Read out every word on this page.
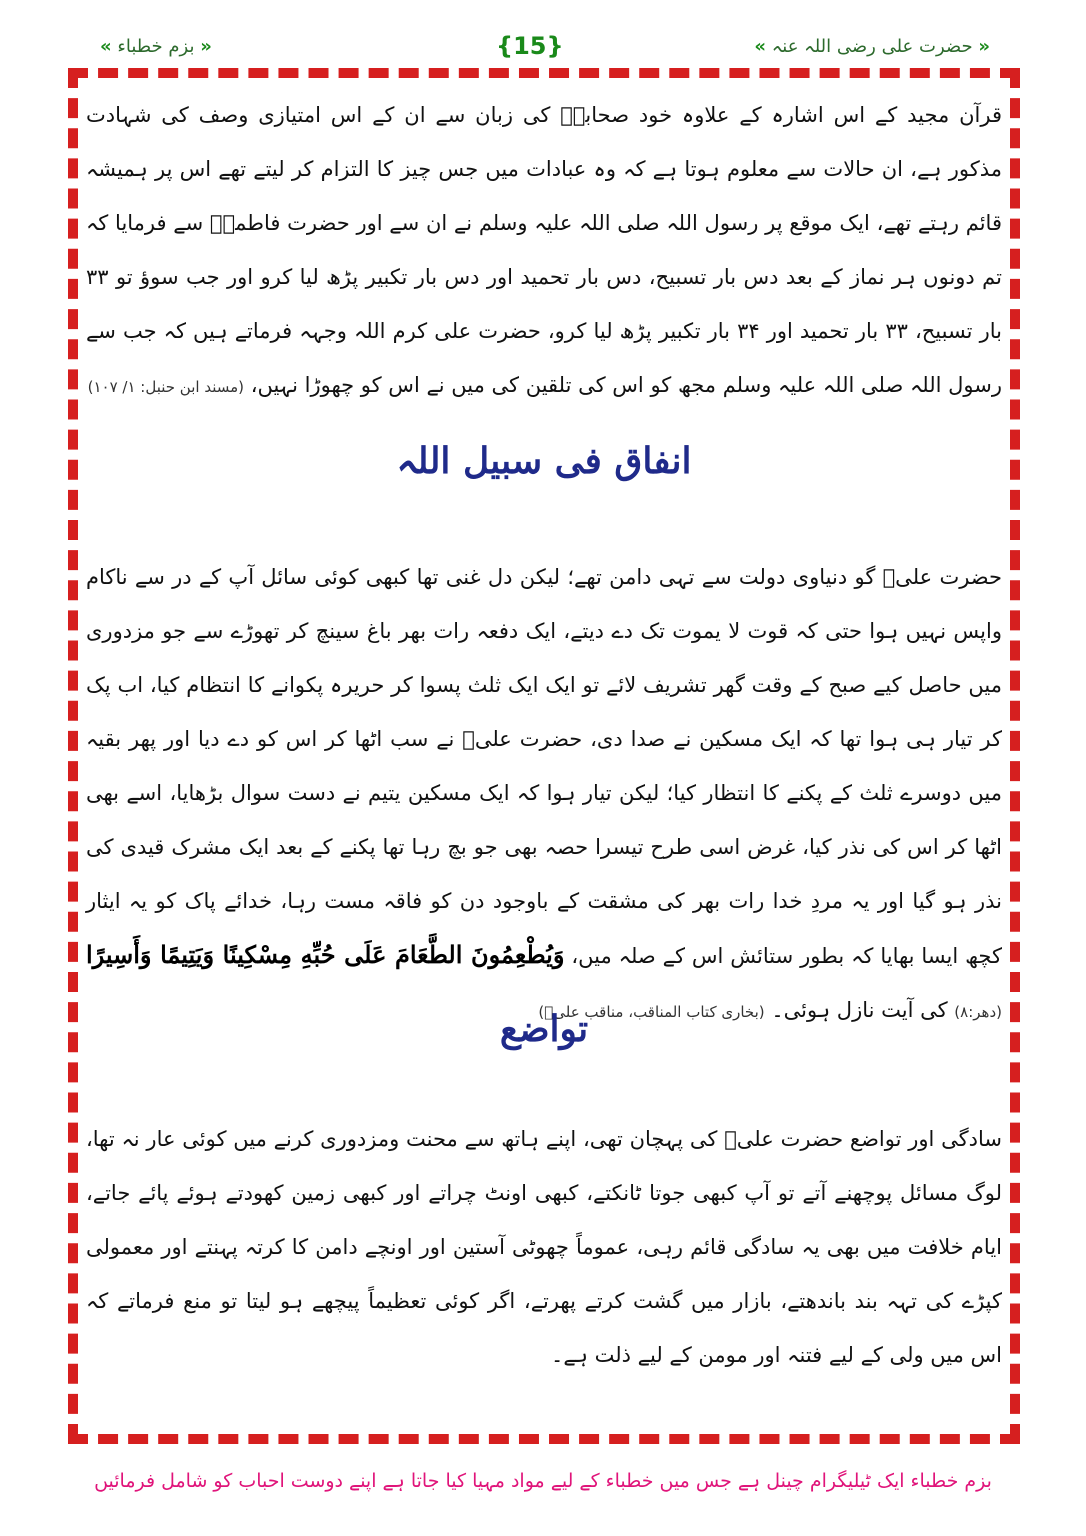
« بزم خطباء »	{15}	« حضرت علی رضی اللہ عنہ »

قرآن مجید کے اس اشارہ کے علاوہ خود صحابہؓ کی زبان سے ان کے اس امتیازی وصف کی شہادت مذکور ہے، ان حالات سے معلوم ہوتا ہے کہ وہ عبادات میں جس چیز کا التزام کر لیتے تھے اس پر ہمیشہ قائم رہتے تھے، ایک موقع پر رسول اللہ صلی اللہ علیہ وسلم نے ان سے اور حضرت فاطمہؓ سے فرمایا کہ تم دونوں ہر نماز کے بعد دس بار تسبیح، دس بار تحمید اور دس بار تکبیر پڑھ لیا کرو اور جب سوؤ تو ۳۳ بار تسبیح، ۳۳ بار تحمید اور ۳۴ بار تکبیر پڑھ لیا کرو، حضرت علی کرم اللہ وجہہ فرماتے ہیں کہ جب سے رسول اللہ صلی اللہ علیہ وسلم مجھ کو اس کی تلقین کی میں نے اس کو چھوڑا نہیں، (مسند ابن حنبل: ۱/ ۱۰۷)

انفاق فی سبیل اللہ

حضرت علیؓ گو دنیاوی دولت سے تہی دامن تھے؛ لیکن دل غنی تھا کبھی کوئی سائل آپ کے در سے ناکام واپس نہیں ہوا حتی کہ قوت لا یموت تک دے دیتے، ایک دفعہ رات بھر باغ سینچ کر تھوڑے سے جو مزدوری میں حاصل کیے صبح کے وقت گھر تشریف لائے تو ایک ایک ثلث پسوا کر حریرہ پکوانے کا انتظام کیا، اب پک کر تیار ہی ہوا تھا کہ ایک مسکین نے صدا دی، حضرت علیؓ نے سب اٹھا کر اس کو دے دیا اور پھر بقیہ میں دوسرے ثلث کے پکنے کا انتظار کیا؛ لیکن تیار ہوا کہ ایک مسکین یتیم نے دست سوال بڑھایا، اسے بھی اٹھا کر اس کی نذر کیا، غرض اسی طرح تیسرا حصہ بھی جو بچ رہا تھا پکنے کے بعد ایک مشرک قیدی کی نذر ہو گیا اور یہ مردِ خدا رات بھر کی مشقت کے باوجود دن کو فاقہ مست رہا، خدائے پاک کو یہ ایثار کچھ ایسا بھایا کہ بطور ستائش اس کے صلہ میں، وَيُطْعِمُونَ الطَّعَامَ عَلَى حُبِّهِ مِسْكِينًا وَيَتِيمًا وَأَسِيرًا (دھر:۸) کی آیت نازل ہوئی۔ (بخاری کتاب المناقب، مناقب علیؓ)

تواضع

سادگی اور تواضع حضرت علیؓ کی پہچان تھی، اپنے ہاتھ سے محنت ومزدوری کرنے میں کوئی عار نہ تھا، لوگ مسائل پوچھنے آتے تو آپ کبھی جوتا ٹانکتے، کبھی اونٹ چراتے اور کبھی زمین کھودتے ہوئے پائے جاتے، ایام خلافت میں بھی یہ سادگی قائم رہی، عموماً چھوٹی آستین اور اونچے دامن کا کرتہ پہنتے اور معمولی کپڑے کی تہہ بند باندھتے، بازار میں گشت کرتے پھرتے، اگر کوئی تعظیماً پیچھے ہو لیتا تو منع فرماتے کہ اس میں ولی کے لیے فتنہ اور مومن کے لیے ذلت ہے۔

بزم خطباء ایک ٹیلیگرام چینل ہے جس میں خطباء کے لیے مواد مہیا کیا جاتا ہے اپنے دوست احباب کو شامل فرمائیں
